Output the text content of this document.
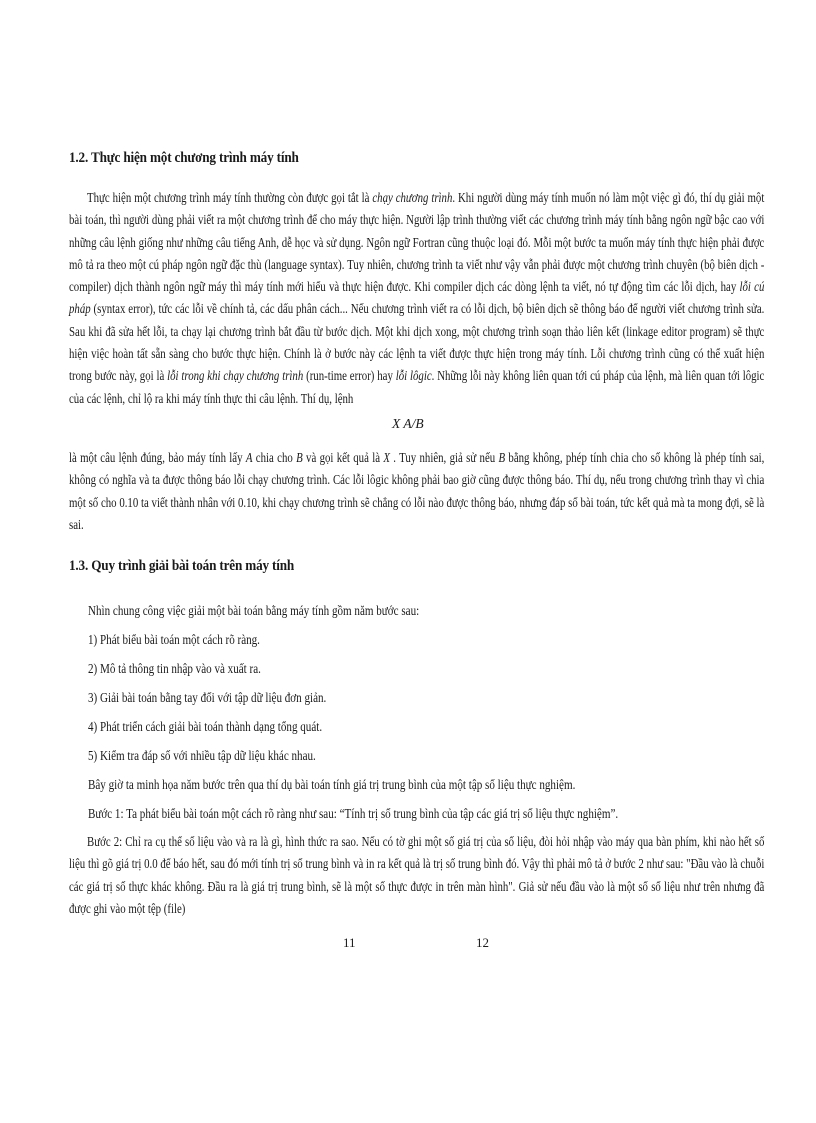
1.2. Thực hiện một chương trình máy tính

Thực hiện một chương trình máy tính thường còn được gọi tắt là chạy chương trình. Khi người dùng máy tính muốn nó làm một việc gì đó, thí dụ giải một bài toán, thì người dùng phải viết ra một chương trình để cho máy thực hiện. Người lập trình thường viết các chương trình máy tính bằng ngôn ngữ bậc cao với những câu lệnh giống như những câu tiếng Anh, dễ học và sử dụng. Ngôn ngữ Fortran cũng thuộc loại đó. Mỗi một bước ta muốn máy tính thực hiện phải được mô tả ra theo một cú pháp ngôn ngữ đặc thù (language syntax). Tuy nhiên, chương trình ta viết như vậy vẫn phải được một chương trình chuyên (bộ biên dịch - compiler) dịch thành ngôn ngữ máy thì máy tính mới hiểu và thực hiện được. Khi compiler dịch các dòng lệnh ta viết, nó tự động tìm các lỗi dịch, hay lỗi cú pháp (syntax error), tức các lỗi về chính tả, các dấu phân cách... Nếu chương trình viết ra có lỗi dịch, bộ biên dịch sẽ thông báo để người viết chương trình sửa. Sau khi đã sửa hết lỗi, ta chạy lại chương trình bắt đầu từ bước dịch. Một khi dịch xong, một chương trình soạn thảo liên kết (linkage editor program) sẽ thực hiện việc hoàn tất sẵn sàng cho bước thực hiện. Chính là ở bước này các lệnh ta viết được thực hiện trong máy tính. Lỗi chương trình cũng có thể xuất hiện trong bước này, gọi là lỗi trong khi chạy chương trình (run-time error) hay lỗi lôgic. Những lỗi này không liên quan tới cú pháp của lệnh, mà liên quan tới lôgic của các lệnh, chỉ lộ ra khi máy tính thực thi câu lệnh. Thí dụ, lệnh

X A/B

là một câu lệnh đúng, bảo máy tính lấy A chia cho B và gọi kết quả là X . Tuy nhiên, giả sử nếu B bằng không, phép tính chia cho số không là phép tính sai, không có nghĩa và ta được thông báo lỗi chạy chương trình. Các lỗi lôgic không phải bao giờ cũng được thông báo. Thí dụ, nếu trong chương trình thay vì chia một số cho 0.10 ta viết thành nhân với 0.10, khi chạy chương trình sẽ chẳng có lỗi nào được thông báo, nhưng đáp số bài toán, tức kết quả mà ta mong đợi, sẽ là sai.

1.3. Quy trình giải bài toán trên máy tính

Nhìn chung công việc giải một bài toán bằng máy tính gồm năm bước sau:

1) Phát biểu bài toán một cách rõ ràng.

2) Mô tả thông tin nhập vào và xuất ra.

3) Giải bài toán bằng tay đối với tập dữ liệu đơn giản.

4) Phát triển cách giải bài toán thành dạng tổng quát.

5) Kiểm tra đáp số với nhiều tập dữ liệu khác nhau.

Bây giờ ta minh họa năm bước trên qua thí dụ bài toán tính giá trị trung bình của một tập số liệu thực nghiệm.

Bước 1: Ta phát biểu bài toán một cách rõ ràng như sau: “Tính trị số trung bình của tập các giá trị số liệu thực nghiệm”.

Bước 2: Chỉ ra cụ thể số liệu vào và ra là gì, hình thức ra sao. Nếu có tờ ghi một số giá trị của số liệu, đòi hỏi nhập vào máy qua bàn phím, khi nào hết số liệu thì gõ giá trị 0.0 để báo hết, sau đó mới tính trị số trung bình và in ra kết quả là trị số trung bình đó. Vậy thì phải mô tả ở bước 2 như sau: "Đầu vào là chuỗi các giá trị số thực khác không. Đầu ra là giá trị trung bình, sẽ là một số thực được in trên màn hình". Giả sử nếu đầu vào là một số số liệu như trên nhưng đã được ghi vào một tệp (file)

11	12
